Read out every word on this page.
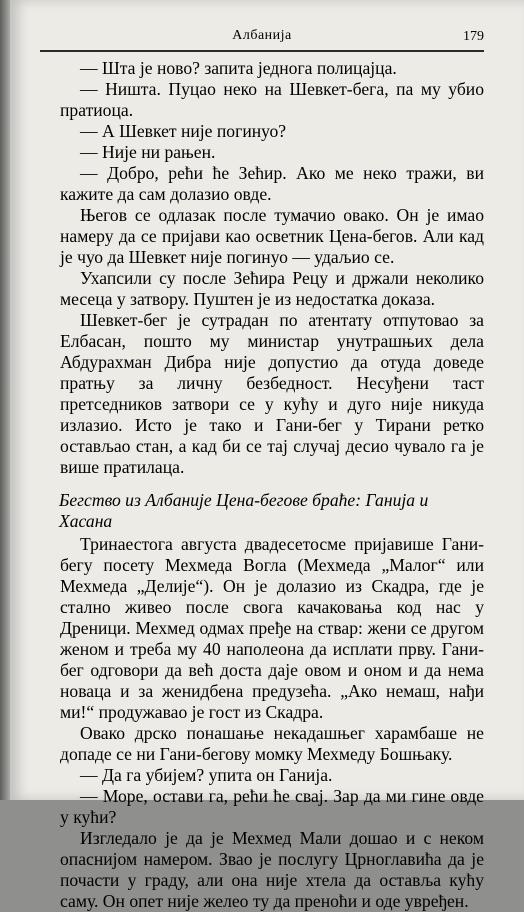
Албанија	179

— Шта је ново? запита једнога полицајца.

— Ништа. Пуцао неко на Шевкет-бега, па му убио пратиоца.

— А Шевкет није погинуо?

— Није ни рањен.

— Добро, рећи ће Зећир. Ако ме неко тражи, ви кажите да сам долазио овде.

Његов се одлазак после тумачио овако. Он је имао намеру да се пријави као осветник Цена-бегов. Али кад је чуо да Шевкет није погинуо — удаљио се.

Ухапсили су после Зећира Рецу и држали неколико месеца у затвору. Пуштен је из недостатка доказа.

Шевкет-бег је сутрадан по атентату отпутовао за Елбасан, пошто му министар унутрашњих дела Абдурахман Дибра није допустио да отуда доведе пратњу за личну безбедност. Несуђени таст претседников затвори се у кућу и дуго није никуда излазио. Исто је тако и Гани-бег у Тирани ретко остављао стан, а кад би се тај случај десио чувало га је више пратилаца.

Бегство из Албаније Цена-бегове браће: Ганија и Хасана

Тринаестога августа двадесетосме пријавише Гани-бегу посету Мехмеда Вогла (Мехмеда „Малог“ или Мехмеда „Делије“). Он је долазио из Скадра, где је стално живео после свога качаковања код нас у Дреници. Мехмед одмах пређе на ствар: жени се другом женом и треба му 40 наполеона да исплати прву. Гани-бег одговори да већ доста даје овом и оном и да нема новаца и за женидбена предузећа. „Ако немаш, нађи ми!“ продужавао је гост из Скадра.

Овако дрско понашање некадашњег харамбаше не допаде се ни Гани-бегову момку Мехмеду Бошњаку.

— Да га убијем? упита он Ганија.

— Море, остави га, рећи ће свај. Зар да ми гине овде у кући?

Изгледало је да је Мехмед Мали дошао и с неком опаснијом намером. Звао је послугу Црноглавића да је почасти у граду, али она није хтела да оставља кућу саму. Он опет није желео ту да преноћи и оде увређен.
